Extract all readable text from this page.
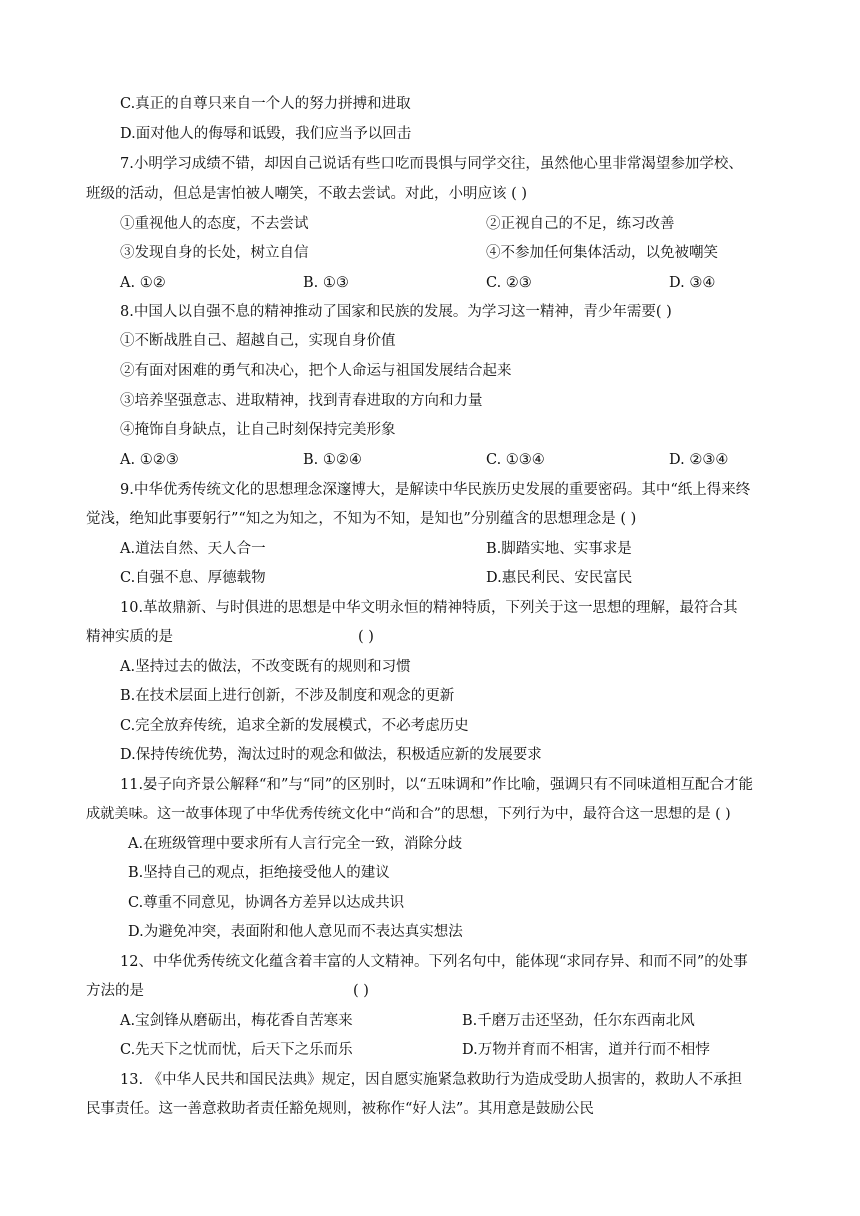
C.真正的自尊只来自一个人的努力拼搏和进取
D.面对他人的侮辱和诋毁，我们应当予以回击
7.小明学习成绩不错，却因自己说话有些口吃而畏惧与同学交往，虽然他心里非常渴望参加学校、
班级的活动，但总是害怕被人嘲笑，不敢去尝试。对此，小明应该 ( )
①重视他人的态度，不去尝试	②正视自己的不足，练习改善
③发现自身的长处，树立自信	④不参加任何集体活动，以免被嘲笑
A. ①②	B. ①③	C. ②③	D. ③④
8.中国人以自强不息的精神推动了国家和民族的发展。为学习这一精神，青少年需要( )
①不断战胜自己、超越自己，实现自身价值
②有面对困难的勇气和决心，把个人命运与祖国发展结合起来
③培养坚强意志、进取精神，找到青春进取的方向和力量
④掩饰自身缺点，让自己时刻保持完美形象
A. ①②③	B. ①②④	C. ①③④	D. ②③④
9.中华优秀传统文化的思想理念深邃博大，是解读中华民族历史发展的重要密码。其中“纸上得来终
觉浅，绝知此事要躬行”“知之为知之，不知为不知，是知也”分别蕴含的思想理念是 ( )
A.道法自然、天人合一	B.脚踏实地、实事求是
C.自强不息、厚德载物	D.惠民利民、安民富民
10.革故鼎新、与时俱进的思想是中华文明永恒的精神特质，下列关于这一思想的理解，最符合其
精神实质的是	( )
A.坚持过去的做法，不改变既有的规则和习惯
B.在技术层面上进行创新，不涉及制度和观念的更新
C.完全放弃传统，追求全新的发展模式，不必考虑历史
D.保持传统优势，淘汰过时的观念和做法，积极适应新的发展要求
11.晏子向齐景公解释“和”与“同”的区别时，以“五味调和”作比喻，强调只有不同味道相互配合才能
成就美味。这一故事体现了中华优秀传统文化中“尚和合”的思想，下列行为中，最符合这一思想的是 ( )
A.在班级管理中要求所有人言行完全一致，消除分歧
B.坚持自己的观点，拒绝接受他人的建议
C.尊重不同意见，协调各方差异以达成共识
D.为避免冲突，表面附和他人意见而不表达真实想法
12、中华优秀传统文化蕴含着丰富的人文精神。下列名句中，能体现“求同存异、和而不同”的处事
方法的是	( )
A.宝剑锋从磨砺出，梅花香自苦寒来	B.千磨万击还坚劲，任尔东西南北风
C.先天下之忧而忧，后天下之乐而乐	D.万物并育而不相害，道并行而不相悖
13. 《中华人民共和国民法典》规定，因自愿实施紧急救助行为造成受助人损害的，救助人不承担
民事责任。这一善意救助者责任豁免规则，被称作“好人法”。其用意是鼓励公民
